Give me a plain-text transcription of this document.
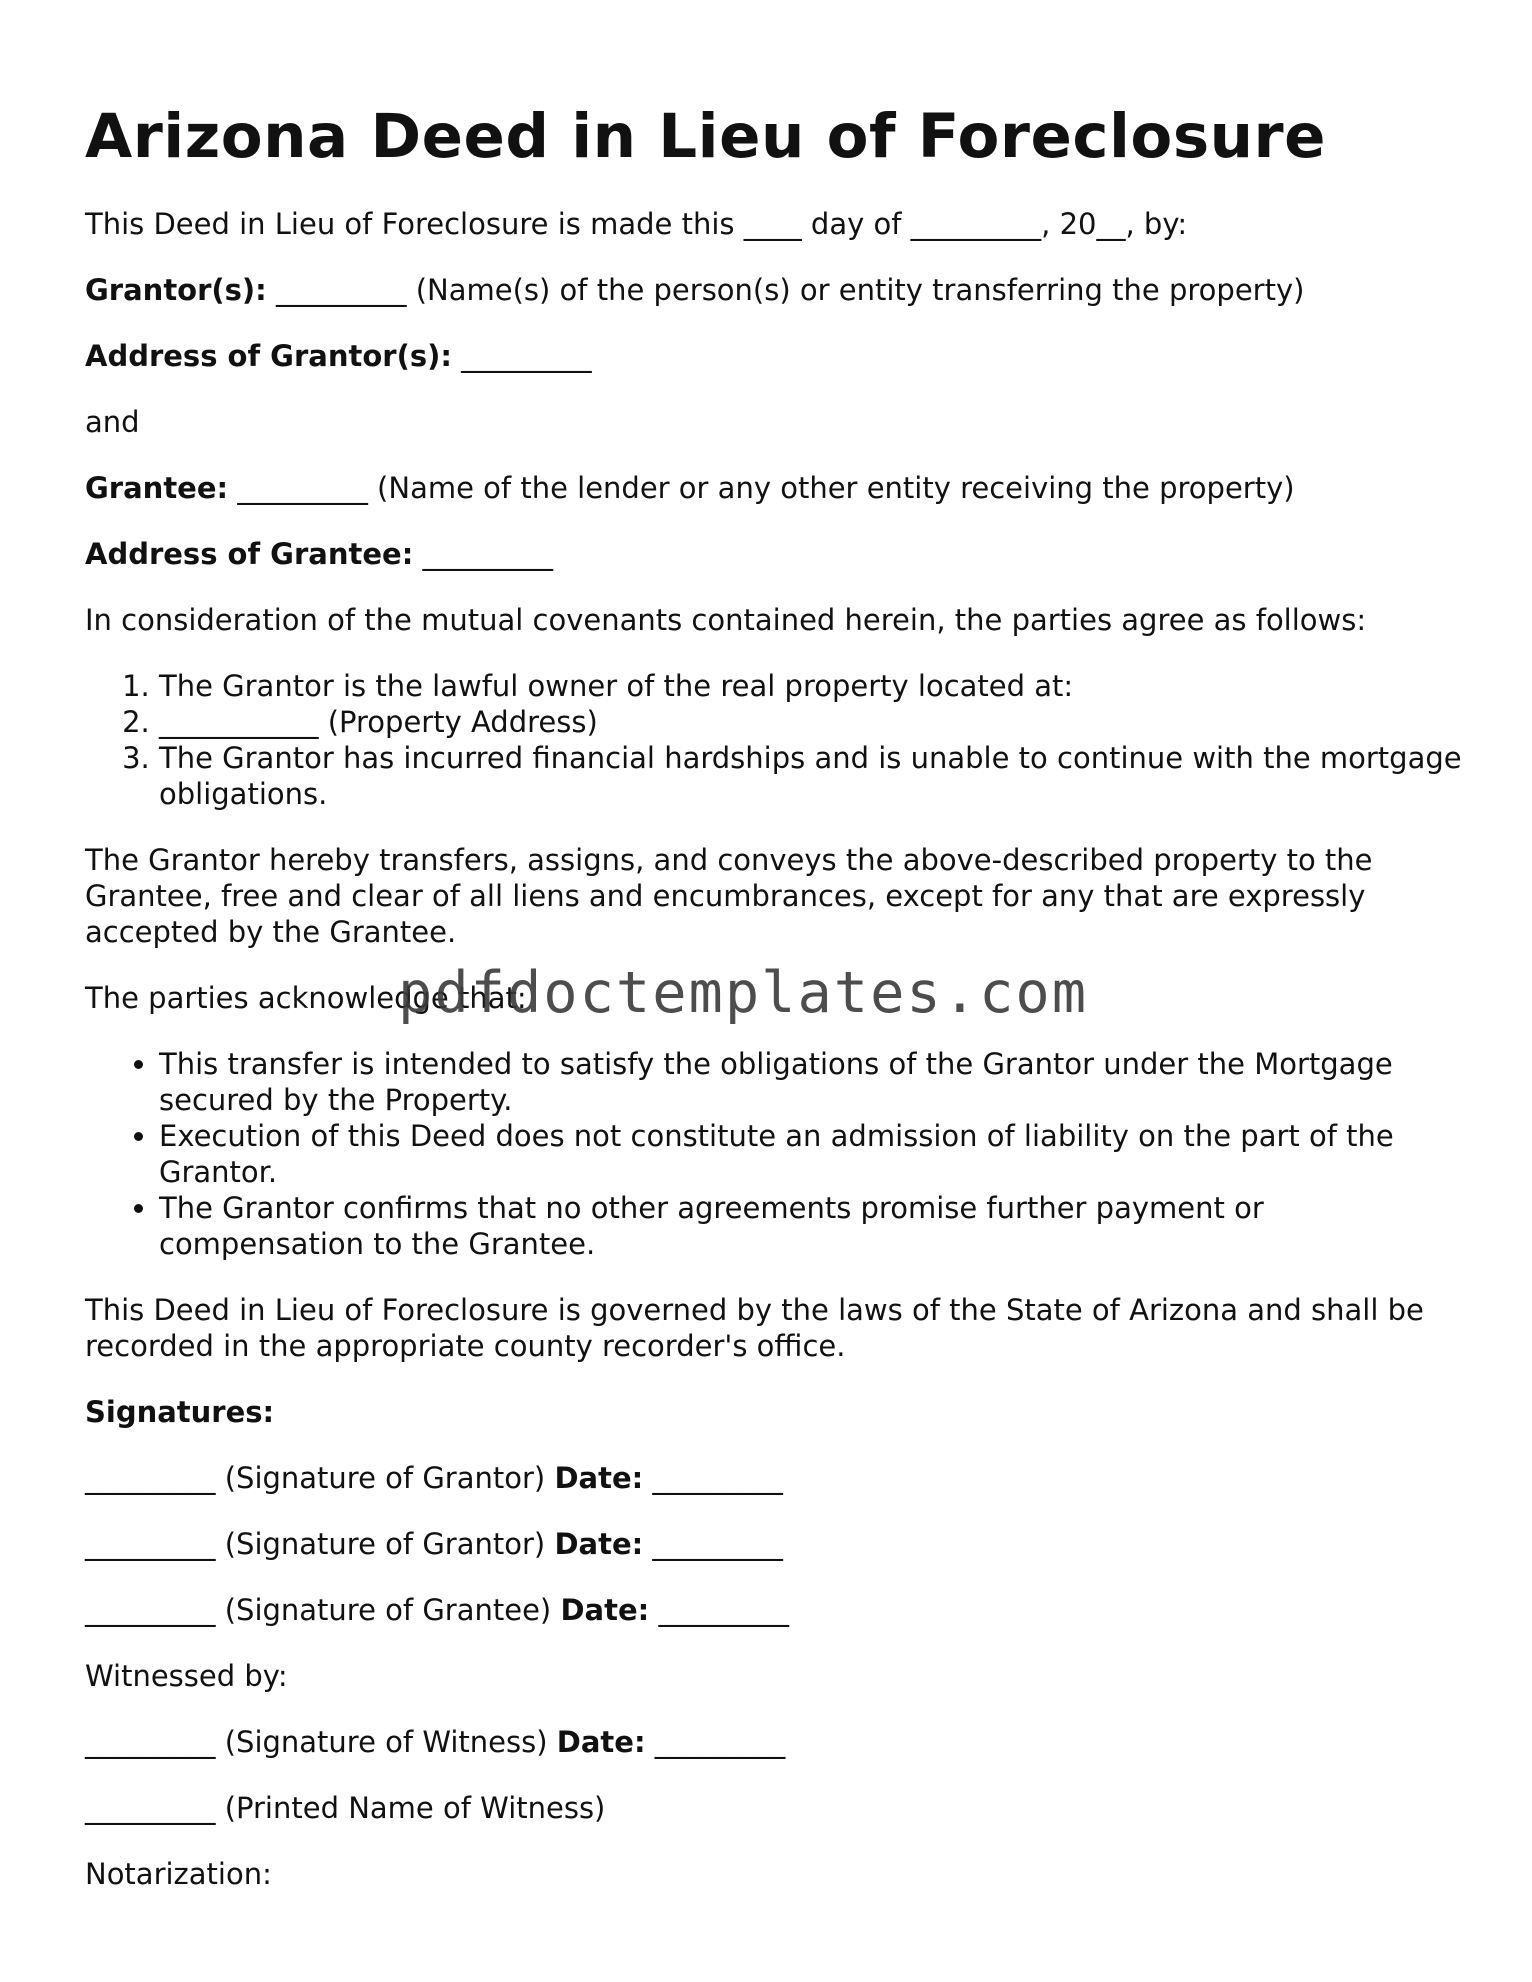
Arizona Deed in Lieu of Foreclosure

This Deed in Lieu of Foreclosure is made this ____ day of _________, 20__, by:

Grantor(s): _________ (Name(s) of the person(s) or entity transferring the property)

Address of Grantor(s): _________

and

Grantee: _________ (Name of the lender or any other entity receiving the property)

Address of Grantee: _________

In consideration of the mutual covenants contained herein, the parties agree as follows:

1. The Grantor is the lawful owner of the real property located at:
2. ___________ (Property Address)
3. The Grantor has incurred financial hardships and is unable to continue with the mortgage obligations.

The Grantor hereby transfers, assigns, and conveys the above-described property to the Grantee, free and clear of all liens and encumbrances, except for any that are expressly accepted by the Grantee.

The parties acknowledge that:

• This transfer is intended to satisfy the obligations of the Grantor under the Mortgage secured by the Property.
• Execution of this Deed does not constitute an admission of liability on the part of the Grantor.
• The Grantor confirms that no other agreements promise further payment or compensation to the Grantee.

This Deed in Lieu of Foreclosure is governed by the laws of the State of Arizona and shall be recorded in the appropriate county recorder's office.

Signatures:

_________ (Signature of Grantor) Date: _________

_________ (Signature of Grantor) Date: _________

_________ (Signature of Grantee) Date: _________

Witnessed by:

_________ (Signature of Witness) Date: _________

_________ (Printed Name of Witness)

Notarization:

pdfdoctemplates.com
